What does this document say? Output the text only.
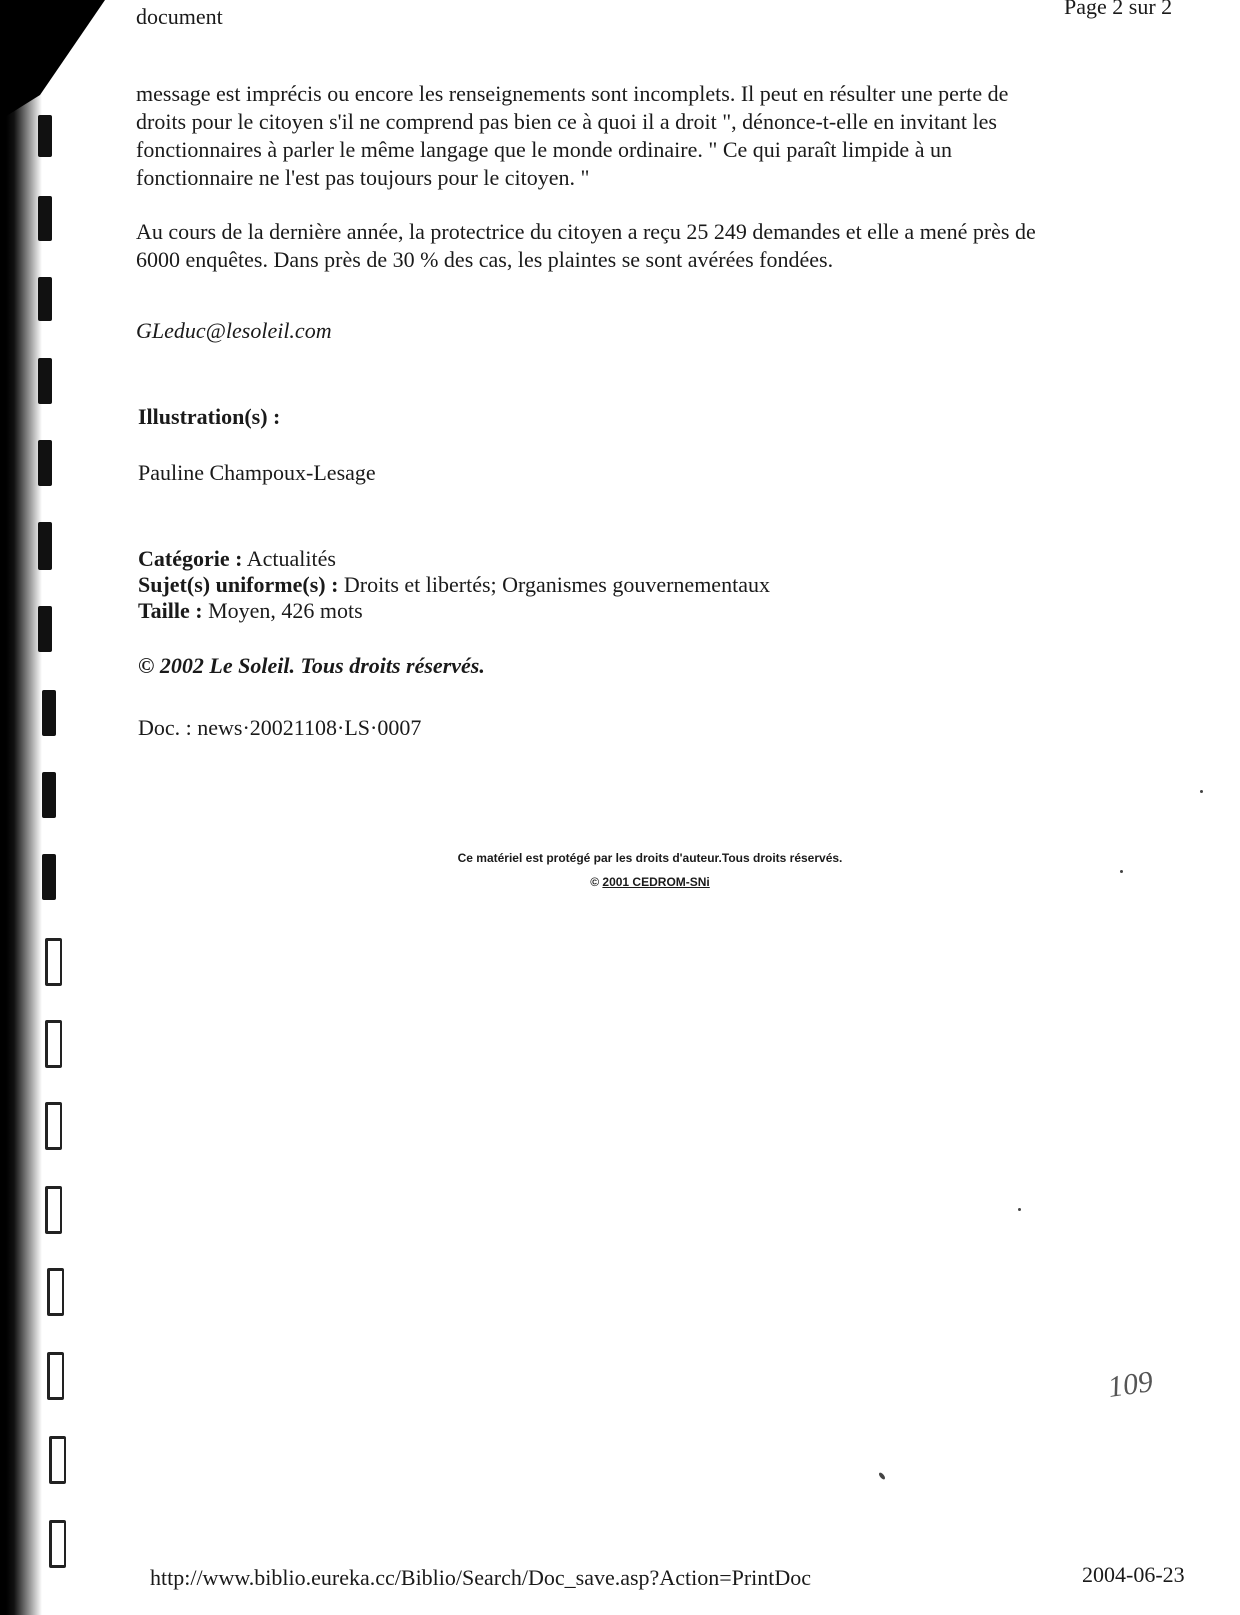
document	Page 2 sur 2

message est imprécis ou encore les renseignements sont incomplets. Il peut en résulter une perte de

droits pour le citoyen s'il ne comprend pas bien ce à quoi il a droit ", dénonce-t-elle en invitant les

fonctionnaires à parler le même langage que le monde ordinaire. " Ce qui paraît limpide à un

fonctionnaire ne l'est pas toujours pour le citoyen. "

Au cours de la dernière année, la protectrice du citoyen a reçu 25 249 demandes et elle a mené près de

6000 enquêtes. Dans près de 30 % des cas, les plaintes se sont avérées fondées.

GLeduc@lesoleil.com
Illustration(s) :
Pauline Champoux-Lesage
Catégorie : Actualités
Sujet(s) uniforme(s) : Droits et libertés; Organismes gouvernementaux
Taille : Moyen, 426 mots
© 2002 Le Soleil. Tous droits réservés.
Doc. : news·20021108·LS·0007
Ce matériel est protégé par les droits d'auteur.Tous droits réservés.
© 2001 CEDROM-SNi
109
http://www.biblio.eureka.cc/Biblio/Search/Doc_save.asp?Action=PrintDoc	2004-06-23
